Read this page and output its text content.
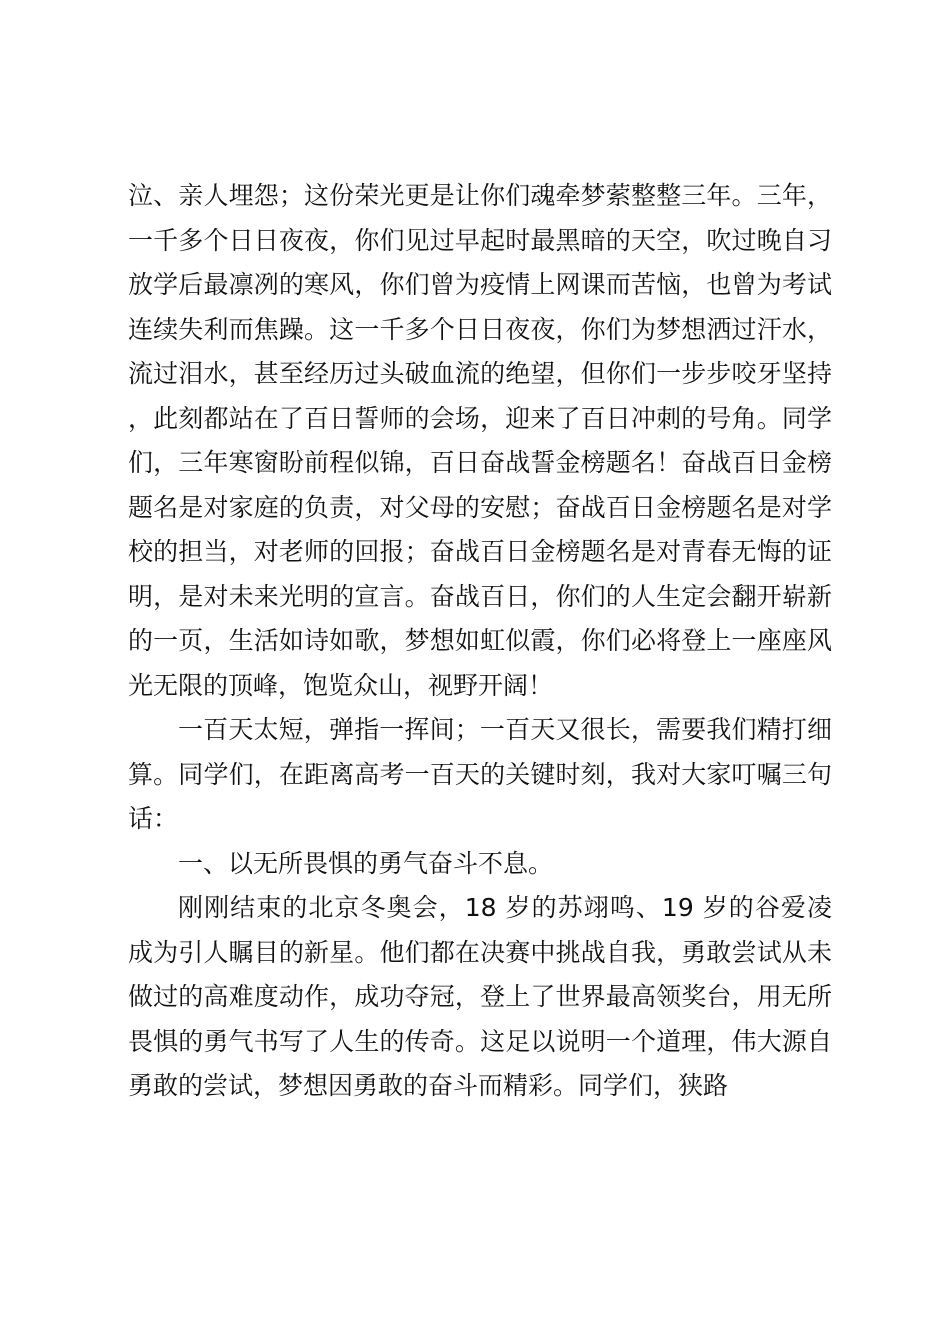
泣、亲人埋怨；这份荣光更是让你们魂牵梦萦整整三年。三年，一千多个日日夜夜，你们见过早起时最黑暗的天空，吹过晚自习放学后最凛冽的寒风，你们曾为疫情上网课而苦恼，也曾为考试连续失利而焦躁。这一千多个日日夜夜，你们为梦想洒过汗水，流过泪水，甚至经历过头破血流的绝望，但你们一步步咬牙坚持，此刻都站在了百日誓师的会场，迎来了百日冲刺的号角。同学们，三年寒窗盼前程似锦，百日奋战誓金榜题名！奋战百日金榜题名是对家庭的负责，对父母的安慰；奋战百日金榜题名是对学校的担当，对老师的回报；奋战百日金榜题名是对青春无悔的证明，是对未来光明的宣言。奋战百日，你们的人生定会翻开崭新的一页，生活如诗如歌，梦想如虹似霞，你们必将登上一座座风光无限的顶峰，饱览众山，视野开阔！

一百天太短，弹指一挥间；一百天又很长，需要我们精打细算。同学们，在距离高考一百天的关键时刻，我对大家叮嘱三句话：

一、以无所畏惧的勇气奋斗不息。

刚刚结束的北京冬奥会，18 岁的苏翊鸣、19 岁的谷爱凌成为引人瞩目的新星。他们都在决赛中挑战自我，勇敢尝试从未做过的高难度动作，成功夺冠，登上了世界最高领奖台，用无所畏惧的勇气书写了人生的传奇。这足以说明一个道理，伟大源自勇敢的尝试，梦想因勇敢的奋斗而精彩。同学们，狭路
